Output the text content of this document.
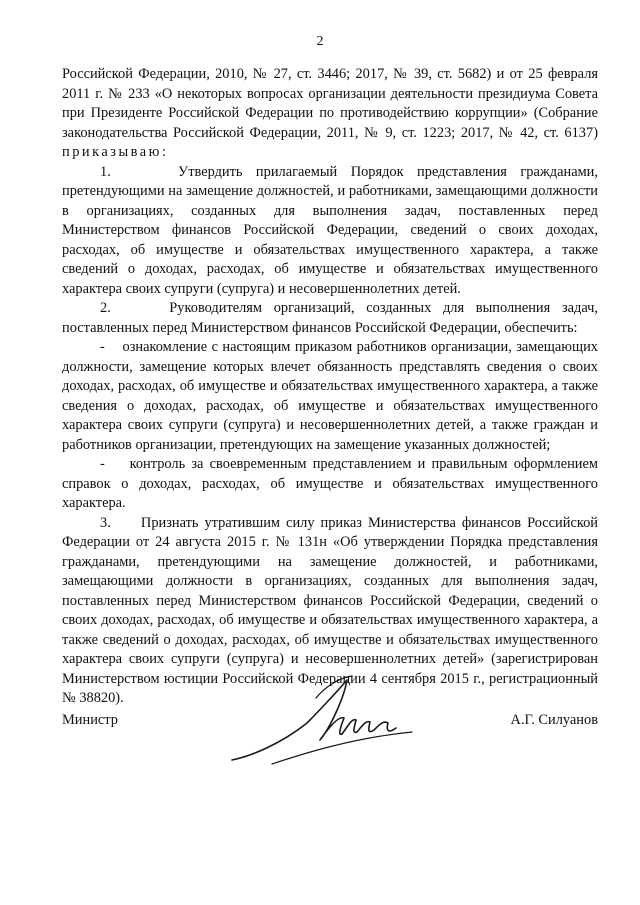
2

Российской Федерации, 2010, № 27, ст. 3446; 2017, № 39, ст. 5682) и от 25 февраля 2011 г. № 233 «О некоторых вопросах организации деятельности президиума Совета при Президенте Российской Федерации по противодействию коррупции» (Собрание законодательства Российской Федерации, 2011, № 9, ст. 1223; 2017, № 42, ст. 6137) приказываю:

1.	Утвердить прилагаемый Порядок представления гражданами, претендующими на замещение должностей, и работниками, замещающими должности в организациях, созданных для выполнения задач, поставленных перед Министерством финансов Российской Федерации, сведений о своих доходах, расходах, об имуществе и обязательствах имущественного характера, а также сведений о доходах, расходах, об имуществе и обязательствах имущественного характера своих супруги (супруга) и несовершеннолетних детей.

2.	Руководителям организаций, созданных для выполнения задач, поставленных перед Министерством финансов Российской Федерации, обеспечить:

- ознакомление с настоящим приказом работников организации, замещающих должности, замещение которых влечет обязанность представлять сведения о своих доходах, расходах, об имуществе и обязательствах имущественного характера, а также сведения о доходах, расходах, об имуществе и обязательствах имущественного характера своих супруги (супруга) и несовершеннолетних детей, а также граждан и работников организации, претендующих на замещение указанных должностей;

- контроль за своевременным представлением и правильным оформлением справок о доходах, расходах, об имуществе и обязательствах имущественного характера.

3. Признать утратившим силу приказ Министерства финансов Российской Федерации от 24 августа 2015 г. № 131н «Об утверждении Порядка представления гражданами, претендующими на замещение должностей, и работниками, замещающими должности в организациях, созданных для выполнения задач, поставленных перед Министерством финансов Российской Федерации, сведений о своих доходах, расходах, об имуществе и обязательствах имущественного характера, а также сведений о доходах, расходах, об имуществе и обязательствах имущественного характера своих супруги (супруга) и несовершеннолетних детей» (зарегистрирован Министерством юстиции Российской Федерации 4 сентября 2015 г., регистрационный № 38820).

Министр	А.Г. Силуанов
